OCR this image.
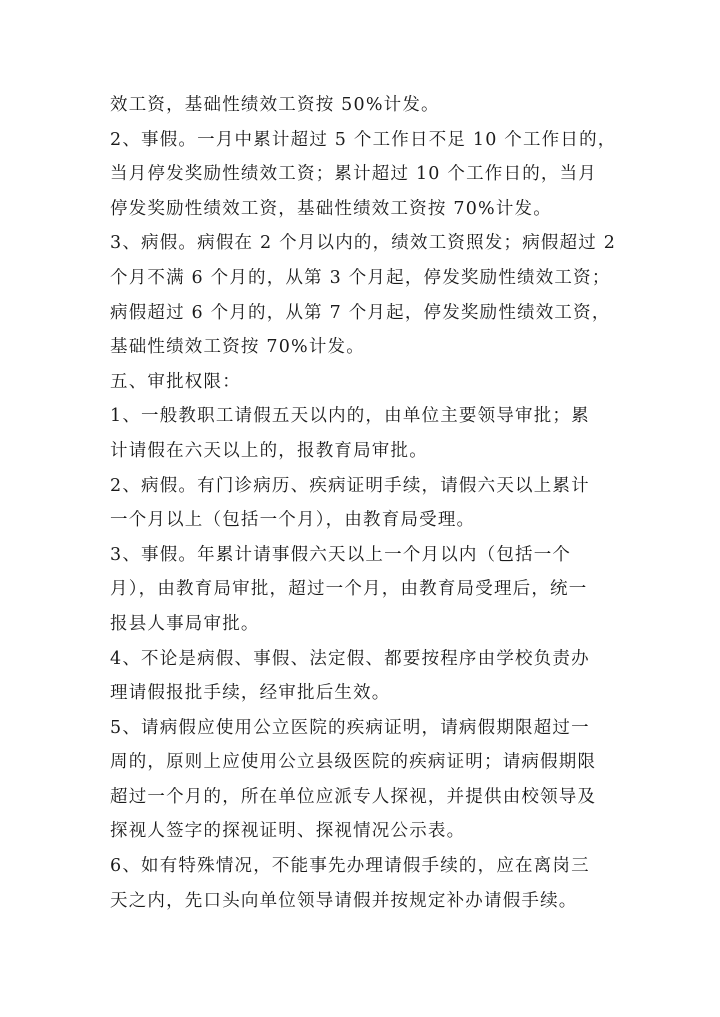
效工资，基础性绩效工资按 50%计发。
2、事假。一月中累计超过 5 个工作日不足 10 个工作日的，
当月停发奖励性绩效工资；累计超过 10 个工作日的，当月
停发奖励性绩效工资，基础性绩效工资按 70%计发。
3、病假。病假在 2 个月以内的，绩效工资照发；病假超过 2
个月不满 6 个月的，从第 3 个月起，停发奖励性绩效工资；
病假超过 6 个月的，从第 7 个月起，停发奖励性绩效工资，
基础性绩效工资按 70%计发。
五、审批权限：
1、一般教职工请假五天以内的，由单位主要领导审批；累
计请假在六天以上的，报教育局审批。
2、病假。有门诊病历、疾病证明手续，请假六天以上累计
一个月以上（包括一个月），由教育局受理。
3、事假。年累计请事假六天以上一个月以内（包括一个
月），由教育局审批，超过一个月，由教育局受理后，统一
报县人事局审批。
4、不论是病假、事假、法定假、都要按程序由学校负责办
理请假报批手续，经审批后生效。
5、请病假应使用公立医院的疾病证明，请病假期限超过一
周的，原则上应使用公立县级医院的疾病证明；请病假期限
超过一个月的，所在单位应派专人探视，并提供由校领导及
探视人签字的探视证明、探视情况公示表。
6、如有特殊情况，不能事先办理请假手续的，应在离岗三
天之内，先口头向单位领导请假并按规定补办请假手续。
